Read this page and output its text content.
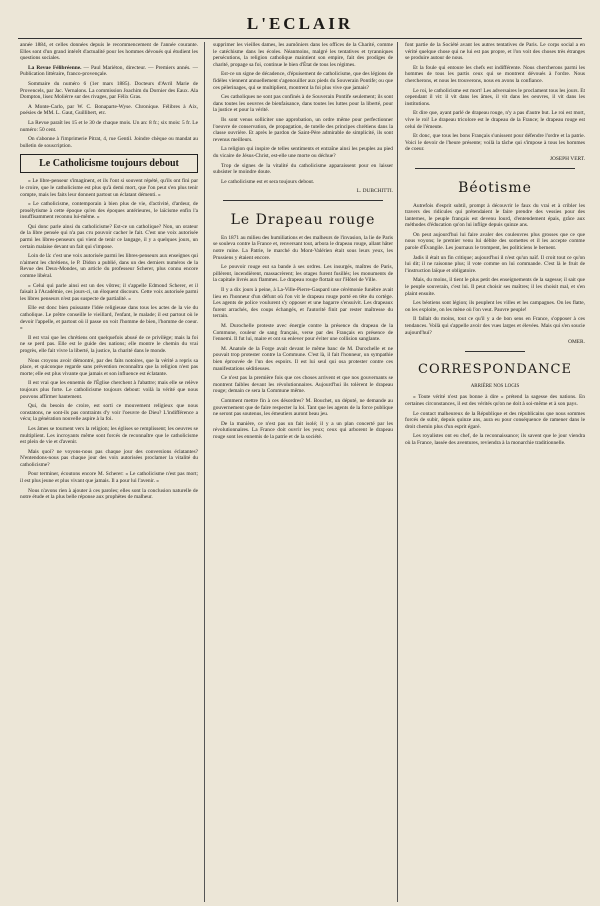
L'ECLAIR

année 1884, et celles données depuis le recommencement de l'année courante. Elles sont d'un grand intérêt d'actualité pour les hommes dévoués qui étudient les questions sociales.

La Revue Félibréenne. — Paul Mariéton, directeur. — Premiers annés. — Publication littéraire, franco-provençale.

Sommaire du numéro 6 (1er mars 1885). Docteurs d'Avril Marie de Provencels, par Jac. Vernalons. La commission Joachim du Dornier des Eaux. Ala Dompton, lisez Moliérre sur des rivages, par Félix Gras.

A Monte-Carlo, par W. C. Bonaparte-Wyse. Chronique. Félibres à Aix, poésies de MM. L. Gaut, Guillibert, etc.

La Revue paraît les 15 et le 30 de chaque mois. Un an: 8 fr.; six mois: 5 fr. Le numéro: 50 cent.

On s'abonne à l'imprimerie Pitrat, 4, rue Gentil. Joindre chèque ou mandat au bulletin de souscription.

Le Catholicisme toujours debout

« Le libre-penseur s'imaginent, et ils l'ont si souvent répété, qu'ils ont fini par le croire, que le catholicisme est plus qu'à demi mort, que l'on peut s'en plus tenir compte, mais les faits leur donnent partout un éclatant démenti. »

« Le catholicisme, contemporain à bien plus de vie, d'activité, d'ardeur, de prosélytisme à cette époque qu'en des époques antérieures, le laïcisme enfin l'a insuffisamment reconnu lui-même. »

Qui donc parle ainsi du catholicisme? Est-ce un catholique? Non, un orateur de la libre pensée qui n'a pas cru pouvoir cacher le fait. C'est une voix autorisée parmi les libres-penseurs qui vient de tenir ce langage, il y a quelques jours, un certain malaise devant un fait qui s'impose.

Loin de là: c'est une voix autorisée parmi les libres-penseurs aux enseignes qui n'aiment les chrétiens, le P. Didon a publié, dans un des derniers numéros de la Revue des Deux-Mondes, un article du professeur Scherer, plus connu encore comme libéral.

« Celui qui parle ainsi est un des vôtres; il s'appelle Edmond Scherer, et il faisait à l'Académie, ces jours-ci, un éloquent discours. Cette voix autorisée parmi les libres penseurs n'est pas suspecte de partialité. »

Elle est donc bien puissante l'idée religieuse dans tous les actes de la vie du catholique. Le prêtre conseille le vieillard, l'enfant, le malade; il est partout où le devoir l'appelle, et partout où il passe on voit l'homme de bien, l'homme de coeur. »

Il est vrai que les chrétiens ont quelquefois abusé de ce privilège; mais la foi ne se perd pas. Elle est le guide des nations; elle montre le chemin du vrai progrès, elle fait vivre la liberté, la justice, la charité dans le monde.

Nous croyons avoir démontré, par des faits notoires, que la vérité a repris sa place, et quiconque regarde sans prévention reconnaîtra que la religion n'est pas morte; elle est plus vivante que jamais et son influence est éclatante.

Il est vrai que les ennemis de l'Église cherchent à l'abattre; mais elle se relève toujours plus forte. Le catholicisme toujours debout: voilà la vérité que nous pouvons affirmer hautement.

Qui, du besoin de croire, est sorti ce mouvement religieux que nous constatons, ne sont-ils pas contraints d'y voir l'oeuvre de Dieu? L'indifférence a vécu; la génération nouvelle aspire à la foi.

Les âmes se tournent vers la religion; les églises se remplissent; les oeuvres se multiplient. Les incroyants même sont forcés de reconnaître que le catholicisme est plein de vie et d'avenir.

Mais quoi? ne voyons-nous pas chaque jour des conversions éclatantes? N'entendons-nous pas chaque jour des voix autorisées proclamer la vitalité du catholicisme?

Pour terminer, écoutons encore M. Scherer: « Le catholicisme n'est pas mort; il est plus jeune et plus vivant que jamais. Il a pour lui l'avenir. »

Nous n'avons rien à ajouter à ces paroles; elles sont la conclusion naturelle de notre étude et la plus belle réponse aux prophètes de malheur.

supprimer les vieilles dames, les aumôniers dans les offices de la Charité, comme le catéchisme dans les écoles. Néanmoins, malgré les tentatives et tyranniques persécutions, la religion catholique maintient son empire, fait des prodiges de charité, propage sa foi, continue le bien d'État de tous les régimes.

Est-ce un signe de décadence, d'épuisement de catholicisme, que des légions de fidèles viennent annuellement s'agenouiller aux pieds du Souverain Pontife; ou que ces pèlerinages, qui se multiplient, montrent la foi plus vive que jamais?

Ces catholiques ne sont pas confinés à de Souverain Pontife seulement; ils sont dans toutes les oeuvres de bienfaisance, dans toutes les luttes pour la liberté, pour la justice et pour la vérité.

Ils sont venus solliciter une approbation, un ordre même pour perfectionner l'oeuvre de conservation, de propagation, de tutelle des principes chrétiens dans la classe ouvrière. Et après le pardon de Saint-Père admirable de simplicité, ils sont revenus meilleurs.

La religion qui inspire de telles sentiments et entraîne ainsi les peuples au pied du vicaire de Jésus-Christ, est-elle une morte ou déchue?

Trop de signes de la vitalité du catholicisme apparaissent pour en laisser subsister le moindre doute.

Le catholicisme est et sera toujours debout.

L. DUBCHITTI.

Le Drapeau rouge

En 1871 au milieu des humiliations et des malheurs de l'invasion, la lie de Paris se souleva contre la France et, renversant tout, arbora le drapeau rouge, allant hâter notre ruine. La Patrie, le marché du Mont-Valérien était sous leurs yeux, les Prussiens y étaient encore.

Le pouvoir rouge eut sa bande à ses ordres. Les insurgés, maîtres de Paris, pillèrent, incendièrent, massacrèrent; les otages furent fusillés; les monuments de la capitale livrés aux flammes. Le drapeau rouge flottait sur l'Hôtel de Ville.

Il y a dix jours à peine, à La-Ville-Pierre-Gaspard une cérémonie funèbre avait lieu en l'honneur d'un défunt où l'on vit le drapeau rouge porté en tête du cortège. Les agents de police voulurent s'y opposer et une bagarre s'ensuivit. Les drapeaux furent arrachés, des coups échangés, et l'autorité finit par rester maîtresse du terrain.

M. Durochelle proteste avec énergie contre la présence du drapeau de la Commune, couleur de sang français, verse par des Français en présence de l'ennemi. Il fut lui, maire et ont su enlever pour éviter une collision sanglante.

M. Anatole de la Forge avait devant le même banc de M. Durochelle et ne pouvait trop protester contre la Commune. C'est là, il fait l'honneur, un sympathie bien éprouvée de l'un des espoirs. Il est lui seul qui osa protester contre ces manifestations séditieuses.

Ce n'est pas la première fois que ces choses arrivent et que nos gouvernants se montrent faibles devant les révolutionnaires. Aujourd'hui ils tolèrent le drapeau rouge; demain ce sera la Commune même.

Comment mettre fin à ces désordres? M. Bouchet, un député, ne demande au gouvernement que de faire respecter la loi. Tant que les agents de la force publique ne seront pas soutenus, les émeutiers auront beau jeu.

De la manière, ce n'est pas un fait isolé; il y a un plan concerté par les révolutionnaires. La France doit ouvrir les yeux; ceux qui arborent le drapeau rouge sont les ennemis de la patrie et de la société.

font partie de la Société avant les autres tentatives de Paris. Le corps social a en vérité quelque chose qui ne lui est pas propre, et l'on voit des choses très étranges se produire autour de nous.

Et la foule qui entoure les chefs est indifférente. Nous chercherons parmi les hommes de tous les partis ceux qui se montrent dévoués à l'ordre. Nous chercherons, et nous les trouverons, nous en avons la confiance.

Le roi, le catholicisme est mort! Les adversaires le proclament tous les jours. Et cependant il vit: il vit dans les âmes, il vit dans les oeuvres, il vit dans les institutions.

Et dire que, ayant parlé de drapeau rouge, n'y a pas d'autre but. Le roi est mort, vive le roi! Le drapeau tricolore est le drapeau de la France; le drapeau rouge est celui de l'émeute.

Et donc, que tous les bons Français s'unissent pour défendre l'ordre et la patrie. Voici le devoir de l'heure présente; voilà la tâche qui s'impose à tous les hommes de coeur.

JOSEPH VERT.

Béotisme

Autrefois d'esprit subtil, prompt à découvrir le faux du vrai et à cribler les travers des ridicules qui prétendaient le faire prendre des vessies pour des lanternes, le peuple français est devenu lourd, d'entendement épais, grâce aux méthodes d'éducation qu'on lui inflige depuis quinze ans.

On peut aujourd'hui lui faire avaler des couleuvres plus grosses que ce que nous voyons; le premier venu lui débite des sornettes et il les accepte comme parole d'Évangile. Les journaux le trompent, les politiciens le bernent.

Jadis il était un fin critique; aujourd'hui il n'est qu'un naïf. Il croit tout ce qu'on lui dit; il ne raisonne plus; il vote comme on lui commande. C'est là le fruit de l'instruction laïque et obligatoire.

Mais, du moins, il tient le plus petit des enseignements de la sagesse; il sait que le peuple souverain, c'est lui. Il peut choisir ses maîtres; il les choisit mal, et s'en plaint ensuite.

Les béotiens sont légion; ils peuplent les villes et les campagnes. On les flatte, on les exploite, on les mène où l'on veut. Pauvre peuple!

Il fallait du moins, tout ce qu'il y a de bon sens en France, s'opposer à ces tendances. Voilà qui s'appelle avoir des vues larges et élevées. Mais qui s'en soucie aujourd'hui?

OMER.

CORRESPONDANCE
ARRIÈRE NOS LOGIS

« Toute vérité n'est pas bonne à dire » prétend la sagesse des nations. En certaines circonstances, il est des vérités qu'on ne doit à soi-même et à son pays.

Le contact malheureux de la République et des républicains que nous sommes forcés de subir, depuis quinze ans, aura eu pour conséquence de ramener dans le droit chemin plus d'un esprit égaré.

Les royalistes ont eu chef, de la reconnaissance; ils savent que le jour viendra où la France, lassée des aventures, reviendra à la monarchie traditionnelle.
